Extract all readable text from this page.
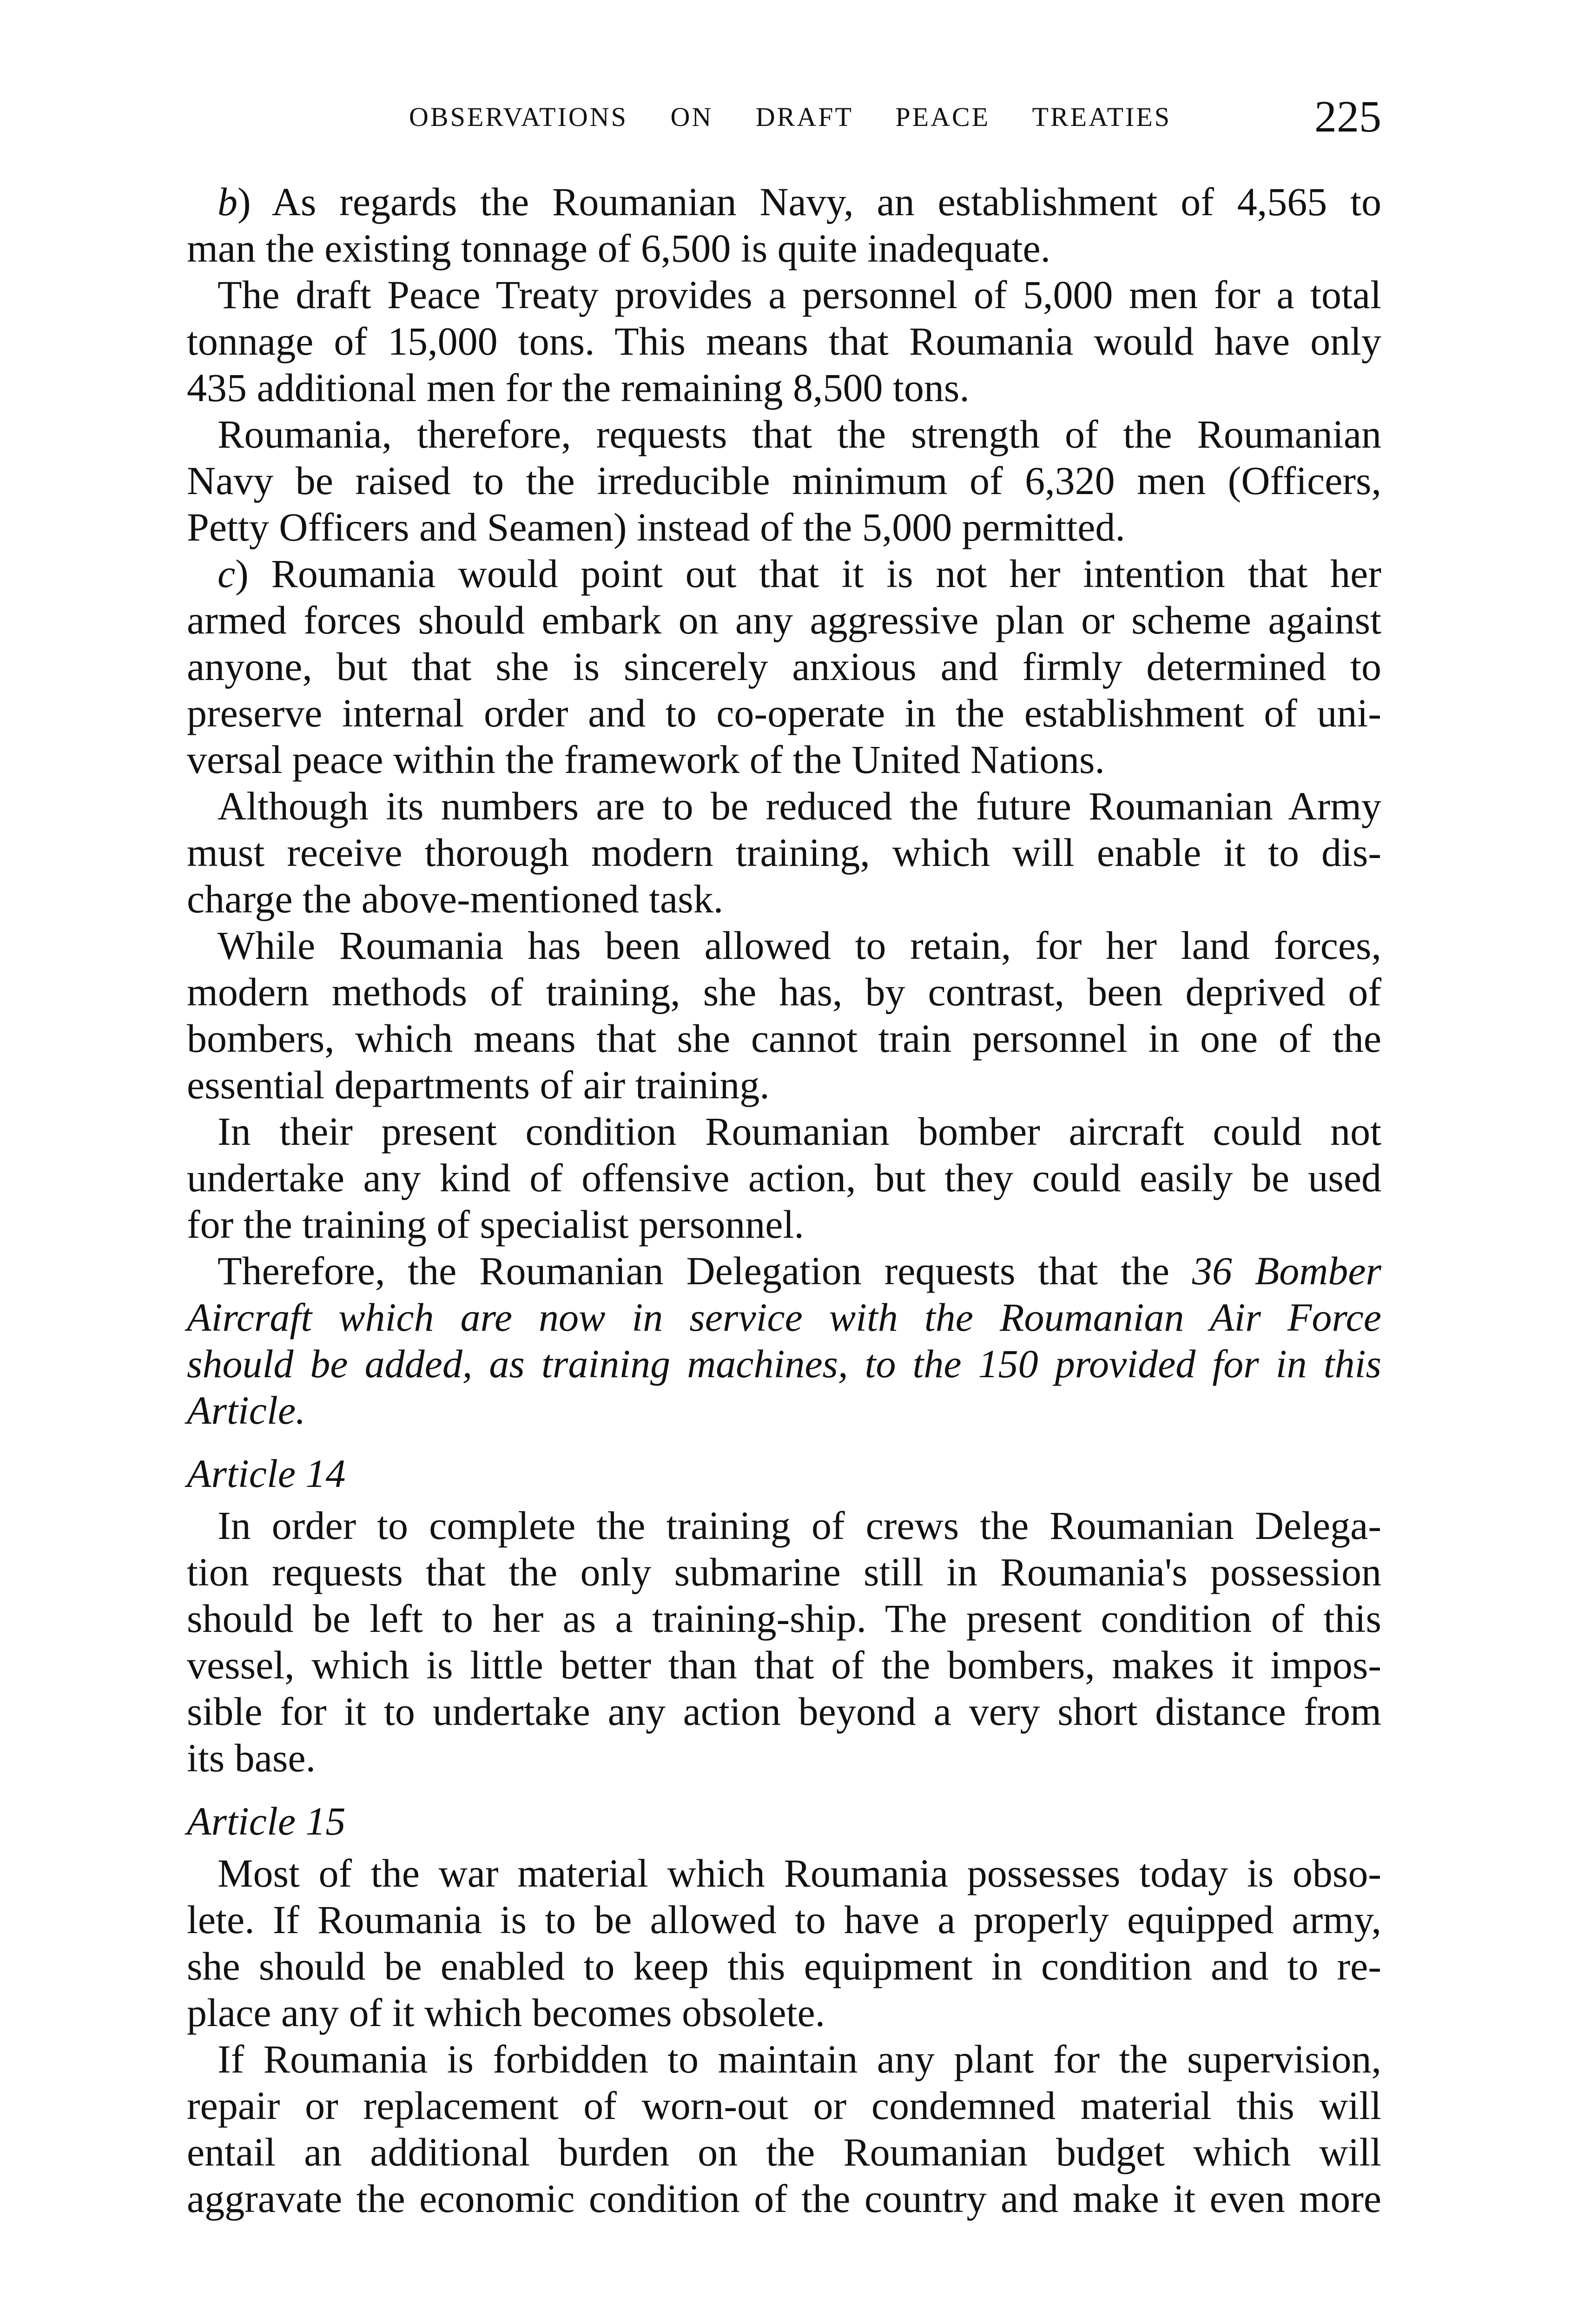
OBSERVATIONS ON DRAFT PEACE TREATIES	225
b) As regards the Roumanian Navy, an establishment of 4,565 to
man the existing tonnage of 6,500 is quite inadequate.
The draft Peace Treaty provides a personnel of 5,000 men for a total
tonnage of 15,000 tons. This means that Roumania would have only
435 additional men for the remaining 8,500 tons.
Roumania, therefore, requests that the strength of the Roumanian
Navy be raised to the irreducible minimum of 6,320 men (Officers,
Petty Officers and Seamen) instead of the 5,000 permitted.
c) Roumania would point out that it is not her intention that her
armed forces should embark on any aggressive plan or scheme against
anyone, but that she is sincerely anxious and firmly determined to
preserve internal order and to co-operate in the establishment of uni-
versal peace within the framework of the United Nations.
Although its numbers are to be reduced the future Roumanian Army
must receive thorough modern training, which will enable it to dis-
charge the above-mentioned task.
While Roumania has been allowed to retain, for her land forces,
modern methods of training, she has, by contrast, been deprived of
bombers, which means that she cannot train personnel in one of the
essential departments of air training.
In their present condition Roumanian bomber aircraft could not
undertake any kind of offensive action, but they could easily be used
for the training of specialist personnel.
Therefore, the Roumanian Delegation requests that the 36 Bomber
Aircraft which are now in service with the Roumanian Air Force
should be added, as training machines, to the 150 provided for in this
Article.
Article 14
In order to complete the training of crews the Roumanian Delega-
tion requests that the only submarine still in Roumania's possession
should be left to her as a training-ship. The present condition of this
vessel, which is little better than that of the bombers, makes it impos-
sible for it to undertake any action beyond a very short distance from
its base.
Article 15
Most of the war material which Roumania possesses today is obso-
lete. If Roumania is to be allowed to have a properly equipped army,
she should be enabled to keep this equipment in condition and to re-
place any of it which becomes obsolete.
If Roumania is forbidden to maintain any plant for the supervision,
repair or replacement of worn-out or condemned material this will
entail an additional burden on the Roumanian budget which will
aggravate the economic condition of the country and make it even more
